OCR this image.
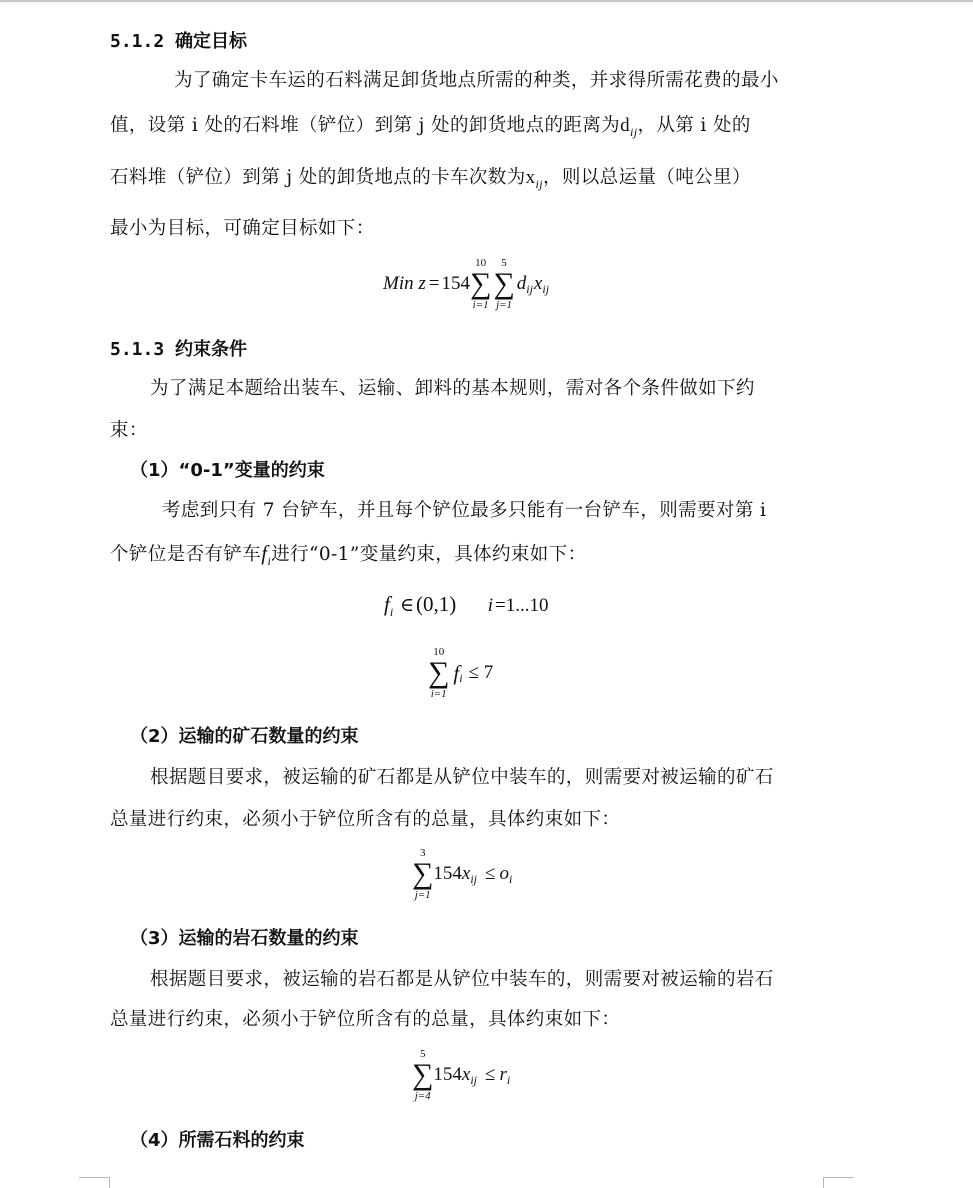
5.1.2 确定目标
为了确定卡车运的石料满足卸货地点所需的种类，并求得所需花费的最小
值，设第 i 处的石料堆（铲位）到第 j 处的卸货地点的距离为$d_{ij}$，从第 i 处的
石料堆（铲位）到第 j 处的卸货地点的卡车次数为$x_{ij}$，则以总运量（吨公里）
最小为目标，可确定目标如下：
Min z = 154
10
∑
i=1
5
∑
j=1
d ij x ij
5.1.3 约束条件
为了满足本题给出装车、运输、卸料的基本规则，需对各个条件做如下约
束：
（1）“0-1”变量的约束
考虑到只有 7 台铲车，并且每个铲位最多只能有一台铲车，则需要对第 i
个铲位是否有铲车$f_i$进行“0-1”变量约束，具体约束如下：
$f_i$ ∈(0,1) i =1...10
10
∑
i=1
f i ≤ 7
（2）运输的矿石数量的约束
根据题目要求，被运输的矿石都是从铲位中装车的，则需要对被运输的矿石
总量进行约束，必须小于铲位所含有的总量，具体约束如下：
3
∑
j=1
154 x ij ≤ o i
（3）运输的岩石数量的约束
根据题目要求，被运输的岩石都是从铲位中装车的，则需要对被运输的岩石
总量进行约束，必须小于铲位所含有的总量，具体约束如下：
5
∑
j=4
154 x ij ≤ r i
（4）所需石料的约束
